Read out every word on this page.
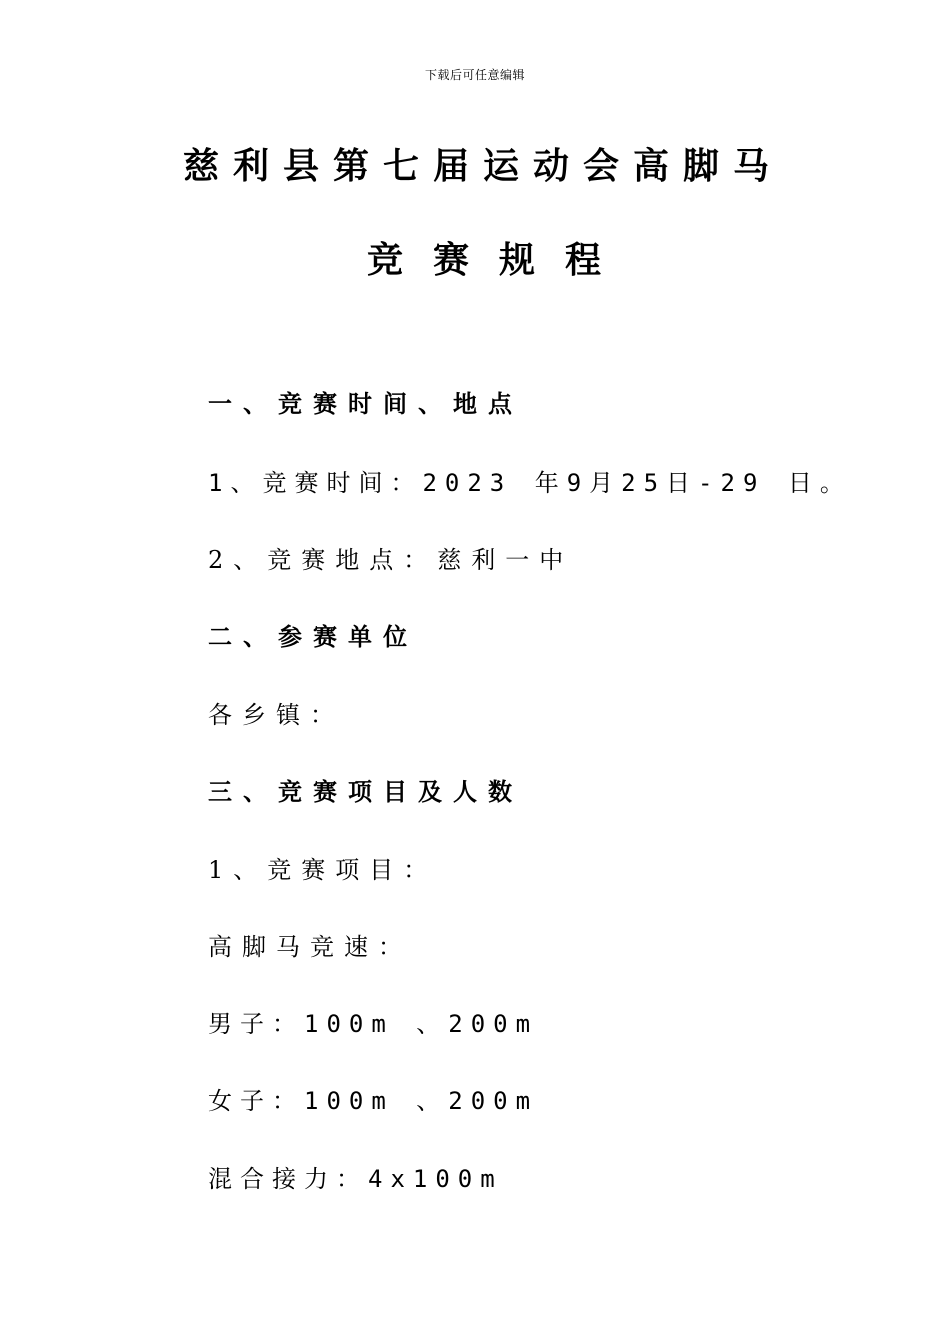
下载后可任意编辑
慈利县第七届运动会高脚马
竞赛规程
一、竞赛时间、地点
1、竞赛时间：2023 年9月25日-29 日。
2、竞赛地点：慈利一中
二、参赛单位
各乡镇：
三、竞赛项目及人数
1、竞赛项目：
高脚马竞速：
男子：100m 、200m
女子：100m 、200m
混合接力：4x100m
